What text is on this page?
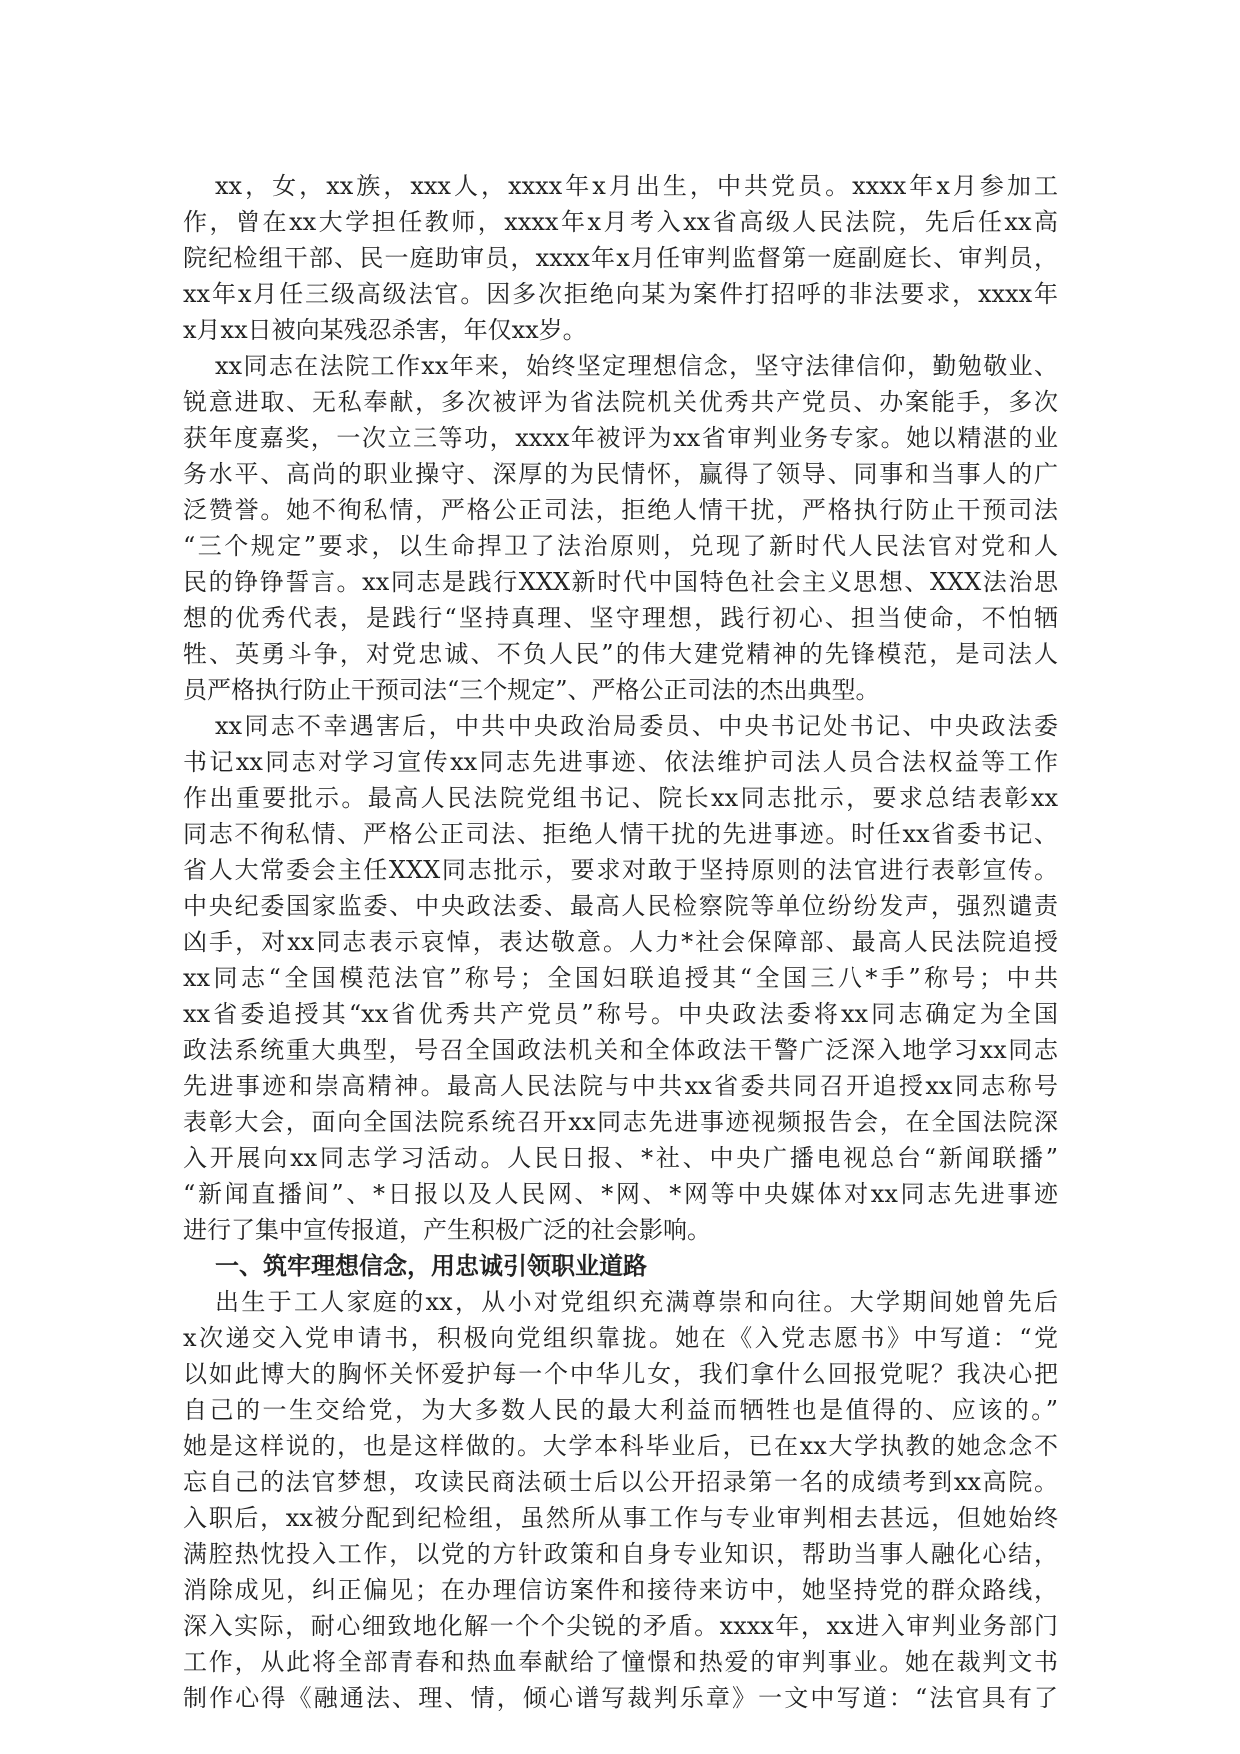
xx，女，xx族，xxx人，xxxx年x月出生，中共党员。xxxx年x月参加工
作，曾在xx大学担任教师，xxxx年x月考入xx省高级人民法院，先后任xx高
院纪检组干部、民一庭助审员，xxxx年x月任审判监督第一庭副庭长、审判员，
xx年x月任三级高级法官。因多次拒绝向某为案件打招呼的非法要求，xxxx年
x月xx日被向某残忍杀害，年仅xx岁。
xx同志在法院工作xx年来，始终坚定理想信念，坚守法律信仰，勤勉敬业、
锐意进取、无私奉献，多次被评为省法院机关优秀共产党员、办案能手，多次
获年度嘉奖，一次立三等功，xxxx年被评为xx省审判业务专家。她以精湛的业
务水平、高尚的职业操守、深厚的为民情怀，赢得了领导、同事和当事人的广
泛赞誉。她不徇私情，严格公正司法，拒绝人情干扰，严格执行防止干预司法
“三个规定”要求，以生命捍卫了法治原则，兑现了新时代人民法官对党和人
民的铮铮誓言。xx同志是践行XXX新时代中国特色社会主义思想、XXX法治思
想的优秀代表，是践行“坚持真理、坚守理想，践行初心、担当使命，不怕牺
牲、英勇斗争，对党忠诚、不负人民”的伟大建党精神的先锋模范，是司法人
员严格执行防止干预司法“三个规定”、严格公正司法的杰出典型。
xx同志不幸遇害后，中共中央政治局委员、中央书记处书记、中央政法委
书记xx同志对学习宣传xx同志先进事迹、依法维护司法人员合法权益等工作
作出重要批示。最高人民法院党组书记、院长xx同志批示，要求总结表彰xx
同志不徇私情、严格公正司法、拒绝人情干扰的先进事迹。时任xx省委书记、
省人大常委会主任XXX同志批示，要求对敢于坚持原则的法官进行表彰宣传。
中央纪委国家监委、中央政法委、最高人民检察院等单位纷纷发声，强烈谴责
凶手，对xx同志表示哀悼，表达敬意。人力*社会保障部、最高人民法院追授
xx同志“全国模范法官”称号；全国妇联追授其“全国三八*手”称号；中共
xx省委追授其“xx省优秀共产党员”称号。中央政法委将xx同志确定为全国
政法系统重大典型，号召全国政法机关和全体政法干警广泛深入地学习xx同志
先进事迹和崇高精神。最高人民法院与中共xx省委共同召开追授xx同志称号
表彰大会，面向全国法院系统召开xx同志先进事迹视频报告会，在全国法院深
入开展向xx同志学习活动。人民日报、*社、中央广播电视总台“新闻联播”
“新闻直播间”、*日报以及人民网、*网、*网等中央媒体对xx同志先进事迹
进行了集中宣传报道，产生积极广泛的社会影响。
一、筑牢理想信念，用忠诚引领职业道路
出生于工人家庭的xx，从小对党组织充满尊崇和向往。大学期间她曾先后
x次递交入党申请书，积极向党组织靠拢。她在《入党志愿书》中写道：“党
以如此博大的胸怀关怀爱护每一个中华儿女，我们拿什么回报党呢？我决心把
自己的一生交给党，为大多数人民的最大利益而牺牲也是值得的、应该的。”
她是这样说的，也是这样做的。大学本科毕业后，已在xx大学执教的她念念不
忘自己的法官梦想，攻读民商法硕士后以公开招录第一名的成绩考到xx高院。
入职后，xx被分配到纪检组，虽然所从事工作与专业审判相去甚远，但她始终
满腔热忱投入工作，以党的方针政策和自身专业知识，帮助当事人融化心结，
消除成见，纠正偏见；在办理信访案件和接待来访中，她坚持党的群众路线，
深入实际，耐心细致地化解一个个尖锐的矛盾。xxxx年，xx进入审判业务部门
工作，从此将全部青春和热血奉献给了憧憬和热爱的审判事业。她在裁判文书
制作心得《融通法、理、情，倾心谱写裁判乐章》一文中写道：“法官具有了
